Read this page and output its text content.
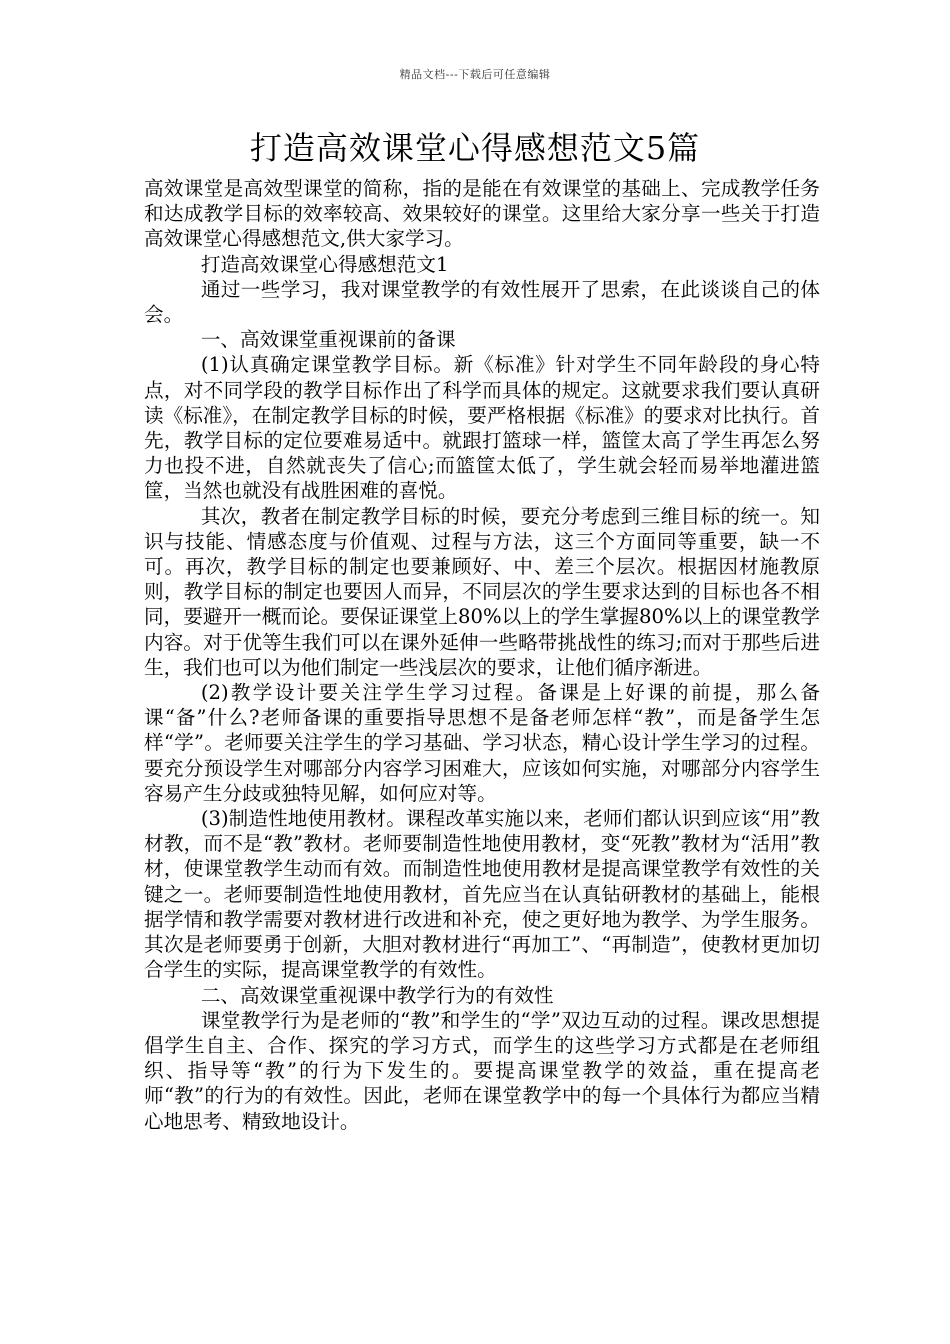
精品文档---下载后可任意编辑
打造高效课堂心得感想范文5篇

高效课堂是高效型课堂的简称，指的是能在有效课堂的基础上、完成教学任务和达成教学目标的效率较高、效果较好的课堂。这里给大家分享一些关于打造高效课堂心得感想范文,供大家学习。

打造高效课堂心得感想范文1

通过一些学习，我对课堂教学的有效性展开了思索，在此谈谈自己的体会。

一、高效课堂重视课前的备课

(1)认真确定课堂教学目标。新《标准》针对学生不同年龄段的身心特点，对不同学段的教学目标作出了科学而具体的规定。这就要求我们要认真研读《标准》，在制定教学目标的时候，要严格根据《标准》的要求对比执行。首先，教学目标的定位要难易适中。就跟打篮球一样，篮筐太高了学生再怎么努力也投不进，自然就丧失了信心;而篮筐太低了，学生就会轻而易举地灌进篮筐，当然也就没有战胜困难的喜悦。

其次，教者在制定教学目标的时候，要充分考虑到三维目标的统一。知识与技能、情感态度与价值观、过程与方法，这三个方面同等重要，缺一不可。再次，教学目标的制定也要兼顾好、中、差三个层次。根据因材施教原则，教学目标的制定也要因人而异，不同层次的学生要求达到的目标也各不相同，要避开一概而论。要保证课堂上80%以上的学生掌握80%以上的课堂教学内容。对于优等生我们可以在课外延伸一些略带挑战性的练习;而对于那些后进生，我们也可以为他们制定一些浅层次的要求，让他们循序渐进。

(2)教学设计要关注学生学习过程。备课是上好课的前提，那么备课“备”什么?老师备课的重要指导思想不是备老师怎样“教”，而是备学生怎样“学”。老师要关注学生的学习基础、学习状态，精心设计学生学习的过程。要充分预设学生对哪部分内容学习困难大，应该如何实施，对哪部分内容学生容易产生分歧或独特见解，如何应对等。

(3)制造性地使用教材。课程改革实施以来，老师们都认识到应该“用”教材教，而不是“教”教材。老师要制造性地使用教材，变“死教”教材为“活用”教材，使课堂教学生动而有效。而制造性地使用教材是提高课堂教学有效性的关键之一。老师要制造性地使用教材，首先应当在认真钻研教材的基础上，能根据学情和教学需要对教材进行改进和补充，使之更好地为教学、为学生服务。其次是老师要勇于创新，大胆对教材进行“再加工”、“再制造”，使教材更加切合学生的实际，提高课堂教学的有效性。

二、高效课堂重视课中教学行为的有效性

课堂教学行为是老师的“教”和学生的“学”双边互动的过程。课改思想提倡学生自主、合作、探究的学习方式，而学生的这些学习方式都是在老师组织、指导等“教”的行为下发生的。要提高课堂教学的效益，重在提高老师“教”的行为的有效性。因此，老师在课堂教学中的每一个具体行为都应当精心地思考、精致地设计。
